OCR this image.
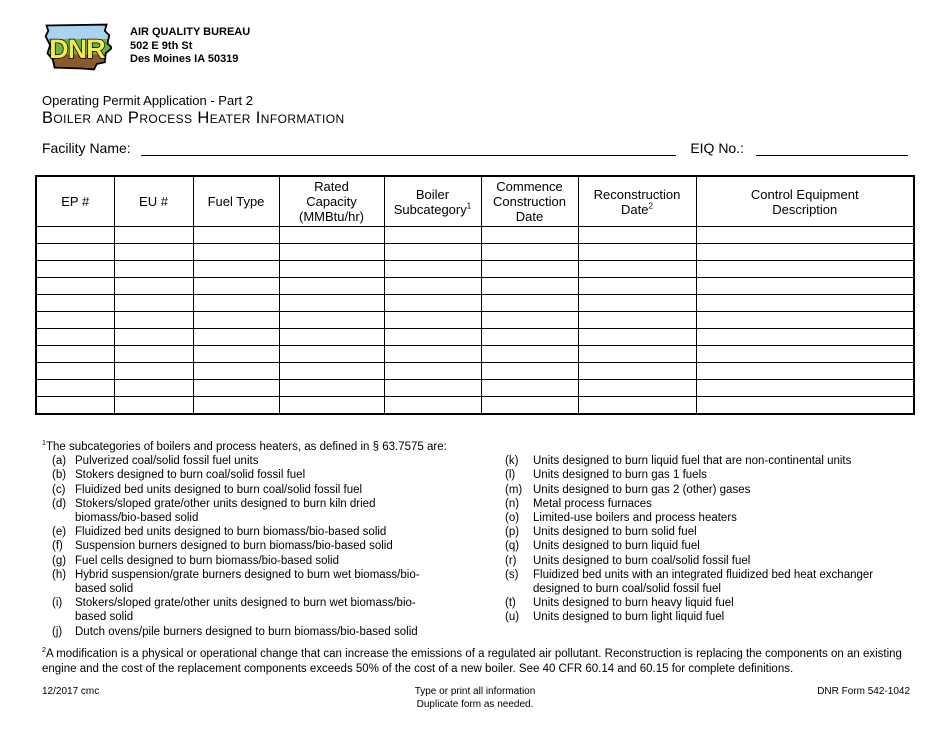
DNR
AIR QUALITY BUREAU
502 E 9th St
Des Moines IA 50319
Operating Permit Application - Part 2
Boiler and Process Heater Information
Facility Name:	EIQ No.:
EP #	EU #	Fuel Type	Rated Capacity (MMBtu/hr)	Boiler Subcategory$^1$	Commence Construction Date	Reconstruction Date$^2$	Control Equipment Description

$^1$The subcategories of boilers and process heaters, as defined in § 63.7575 are:
(a) Pulverized coal/solid fossil fuel units
(b) Stokers designed to burn coal/solid fossil fuel
(c) Fluidized bed units designed to burn coal/solid fossil fuel
(d) Stokers/sloped grate/other units designed to burn kiln dried biomass/bio-based solid
(e) Fluidized bed units designed to burn biomass/bio-based solid
(f)	Suspension burners designed to burn biomass/bio-based solid
(g) Fuel cells designed to burn biomass/bio-based solid
(h) Hybrid suspension/grate burners designed to burn wet biomass/bio-based solid
(i)	Stokers/sloped grate/other units designed to burn wet biomass/bio-based solid
(j)	Dutch ovens/pile burners designed to burn biomass/bio-based solid
(k)	Units designed to burn liquid fuel that are non-continental units
(l)	Units designed to burn gas 1 fuels
(m) Units designed to burn gas 2 (other) gases
(n)	Metal process furnaces
(o)	Limited-use boilers and process heaters
(p)	Units designed to burn solid fuel
(q)	Units designed to burn liquid fuel
(r)	Units designed to burn coal/solid fossil fuel
(s)	Fluidized bed units with an integrated fluidized bed heat exchanger designed to burn coal/solid fossil fuel
(t)	Units designed to burn heavy liquid fuel
(u)	Units designed to burn light liquid fuel
$^2$A modification is a physical or operational change that can increase the emissions of a regulated air pollutant. Reconstruction is replacing the components on an existing engine and the cost of the replacement components exceeds 50% of the cost of a new boiler. See 40 CFR 60.14 and 60.15 for complete definitions.
12/2017 cmc	Type or print all information
Duplicate form as needed.
DNR Form 542-1042
